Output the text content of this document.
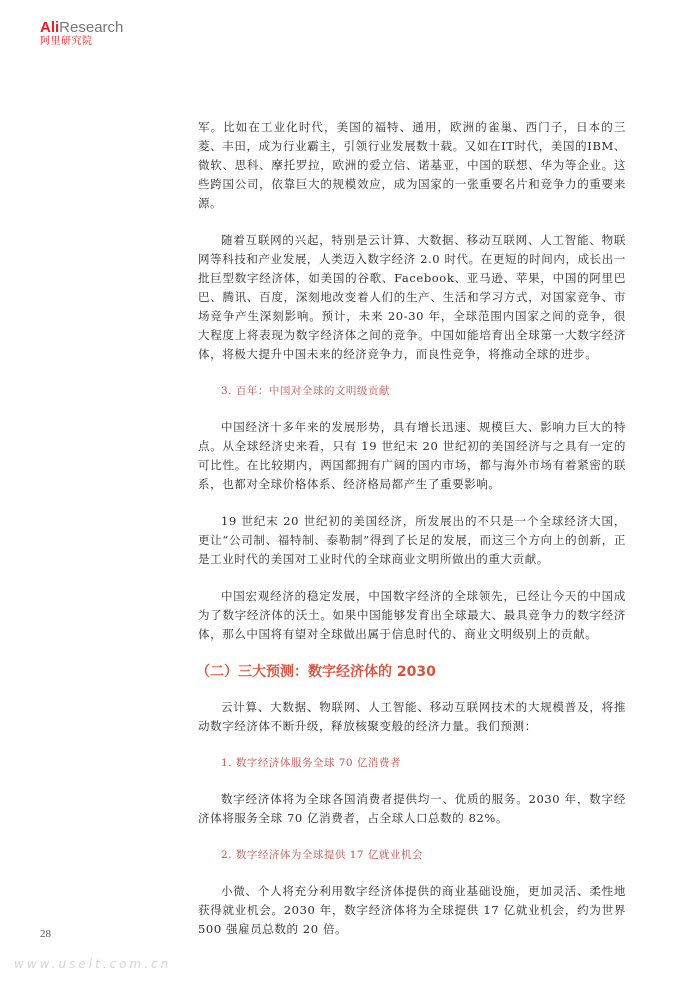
AliResearch
阿里研究院

军。比如在工业化时代，美国的福特、通用，欧洲的雀巢、西门子，日本的三菱、丰田，成为行业霸主，引领行业发展数十载。又如在IT时代，美国的IBM、微软、思科、摩托罗拉，欧洲的爱立信、诺基亚，中国的联想、华为等企业。这些跨国公司，依靠巨大的规模效应，成为国家的一张重要名片和竞争力的重要来源。

随着互联网的兴起，特别是云计算、大数据、移动互联网、人工智能、物联网等科技和产业发展，人类迈入数字经济 2.0 时代。在更短的时间内，成长出一批巨型数字经济体，如美国的谷歌、Facebook、亚马逊、苹果，中国的阿里巴巴、腾讯、百度，深刻地改变着人们的生产、生活和学习方式，对国家竞争、市场竞争产生深刻影响。预计，未来 20-30 年，全球范围内国家之间的竞争，很大程度上将表现为数字经济体之间的竞争。中国如能培育出全球第一大数字经济体，将极大提升中国未来的经济竞争力，而良性竞争，将推动全球的进步。

3. 百年：中国对全球的文明级贡献

中国经济十多年来的发展形势，具有增长迅速、规模巨大、影响力巨大的特点。从全球经济史来看，只有 19 世纪末 20 世纪初的美国经济与之具有一定的可比性。在比较期内，两国都拥有广阔的国内市场，都与海外市场有着紧密的联系，也都对全球价格体系、经济格局都产生了重要影响。

19 世纪末 20 世纪初的美国经济，所发展出的不只是一个全球经济大国，更让“公司制、福特制、泰勒制”得到了长足的发展，而这三个方向上的创新，正是工业时代的美国对工业时代的全球商业文明所做出的重大贡献。

中国宏观经济的稳定发展，中国数字经济的全球领先，已经让今天的中国成为了数字经济体的沃土。如果中国能够发育出全球最大、最具竞争力的数字经济体，那么中国将有望对全球做出属于信息时代的、商业文明级别上的贡献。

（二）三大预测：数字经济体的 2030

云计算、大数据、物联网、人工智能、移动互联网技术的大规模普及，将推动数字经济体不断升级，释放核聚变般的经济力量。我们预测：

1. 数字经济体服务全球 70 亿消费者

数字经济体将为全球各国消费者提供均一、优质的服务。2030 年，数字经济体将服务全球 70 亿消费者，占全球人口总数的 82%。

2. 数字经济体为全球提供 17 亿就业机会

小微、个人将充分利用数字经济体提供的商业基础设施，更加灵活、柔性地获得就业机会。2030 年，数字经济体将为全球提供 17 亿就业机会，约为世界 500 强雇员总数的 20 倍。

28
www.useit.com.cn
